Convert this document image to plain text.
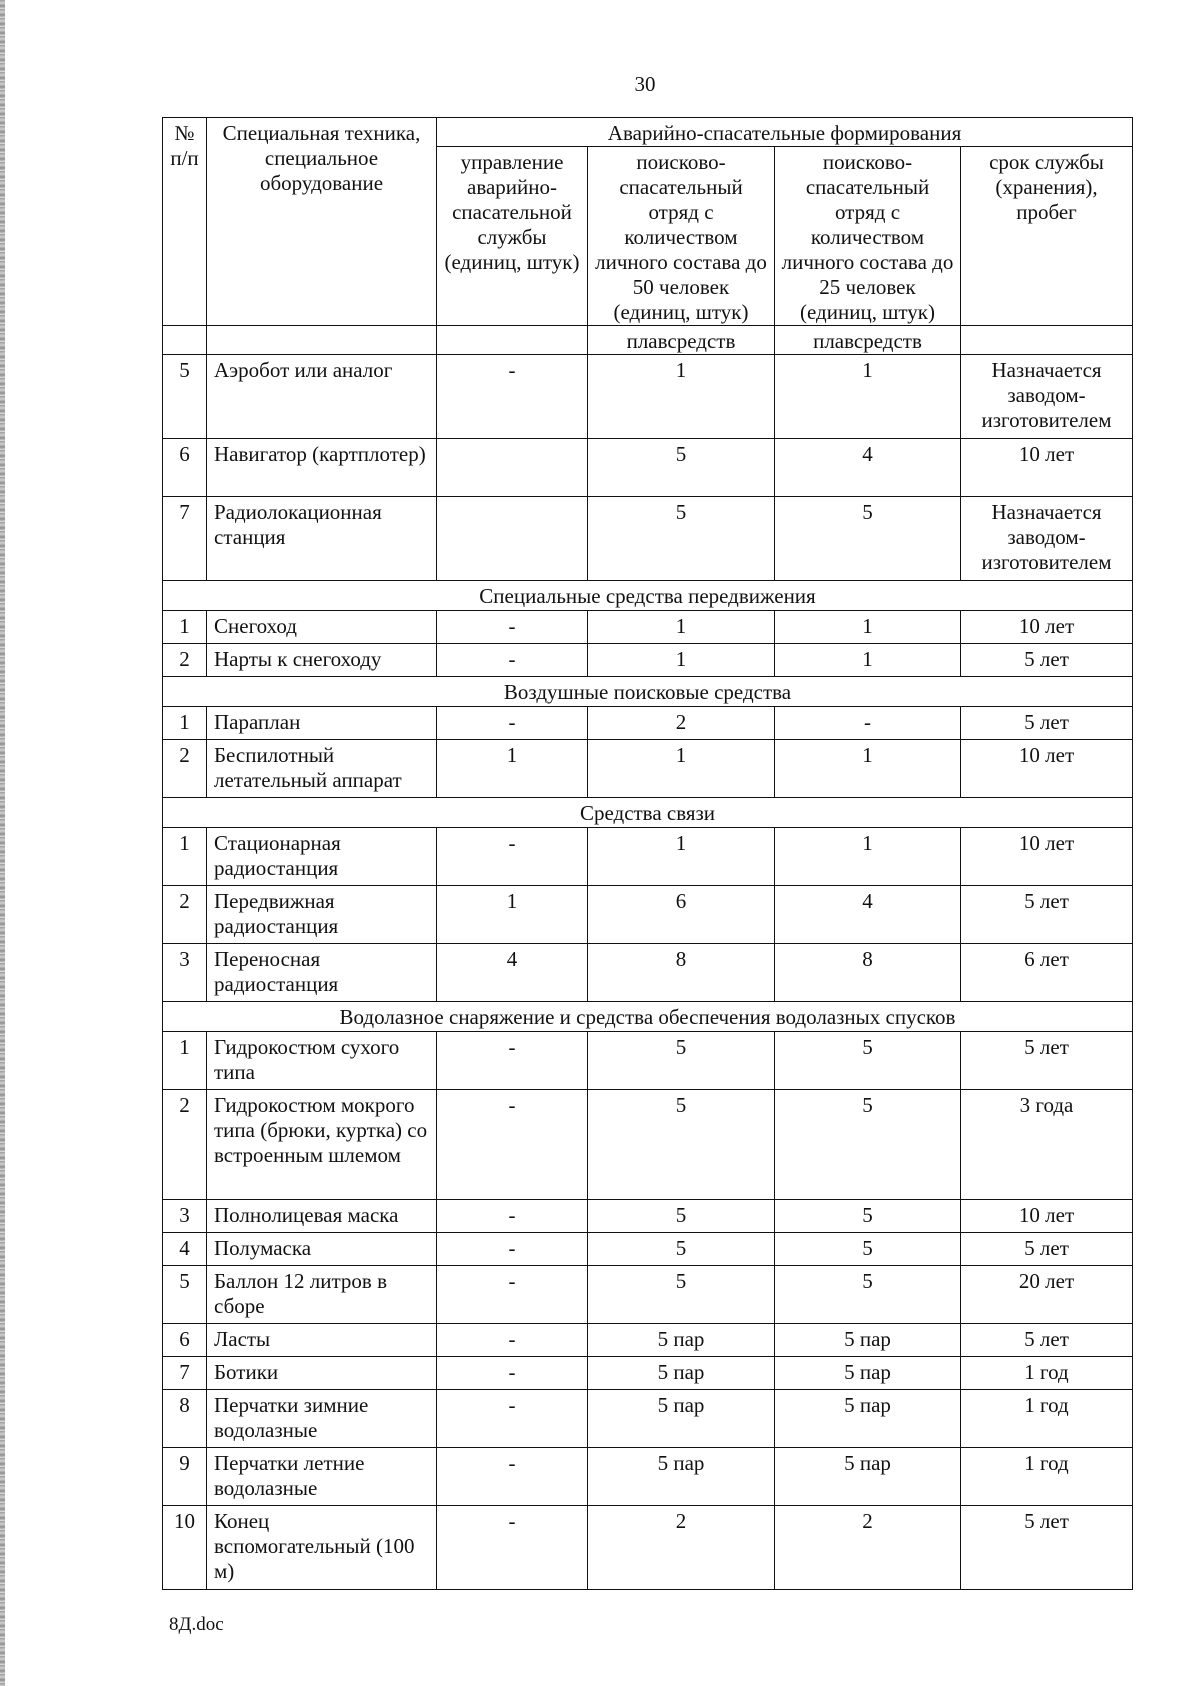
30
№ п/п	Специальная техника, специальное оборудование	Аварийно-спасательные формирования			
		управление аварийно-спасательной службы (единиц, штук)	поисково-спасательный отряд с количеством личного состава до 50 человек (единиц, штук)	поисково-спасательный отряд с количеством личного состава до 25 человек (единиц, штук)	срок службы (хранения), пробег
			плавсредств	плавсредств	
5	Аэробот или аналог	-	1	1	Назначается заводом-изготовителем
6	Навигатор (картплотер)		5	4	10 лет
7	Радиолокационная станция		5	5	Назначается заводом-изготовителем
Специальные средства передвижения					
1	Снегоход	-	1	1	10 лет
2	Нарты к снегоходу	-	1	1	5 лет
Воздушные поисковые средства					
1	Параплан	-	2	-	5 лет
2	Беспилотный летательный аппарат	1	1	1	10 лет
Средства связи					
1	Стационарная радиостанция	-	1	1	10 лет
2	Передвижная радиостанция	1	6	4	5 лет
3	Переносная радиостанция	4	8	8	6 лет
Водолазное снаряжение и средства обеспечения водолазных спусков					
1	Гидрокостюм сухого типа	-	5	5	5 лет
2	Гидрокостюм мокрого типа (брюки, куртка) со встроенным шлемом	-	5	5	3 года
3	Полнолицевая маска	-	5	5	10 лет
4	Полумаска	-	5	5	5 лет
5	Баллон 12 литров в сборе	-	5	5	20 лет
6	Ласты	-	5 пар	5 пар	5 лет
7	Ботики	-	5 пар	5 пар	1 год
8	Перчатки зимние водолазные	-	5 пар	5 пар	1 год
9	Перчатки летние водолазные	-	5 пар	5 пар	1 год
10	Конец вспомогательный (100 м)	-	2	2	5 лет
8Д.doc
